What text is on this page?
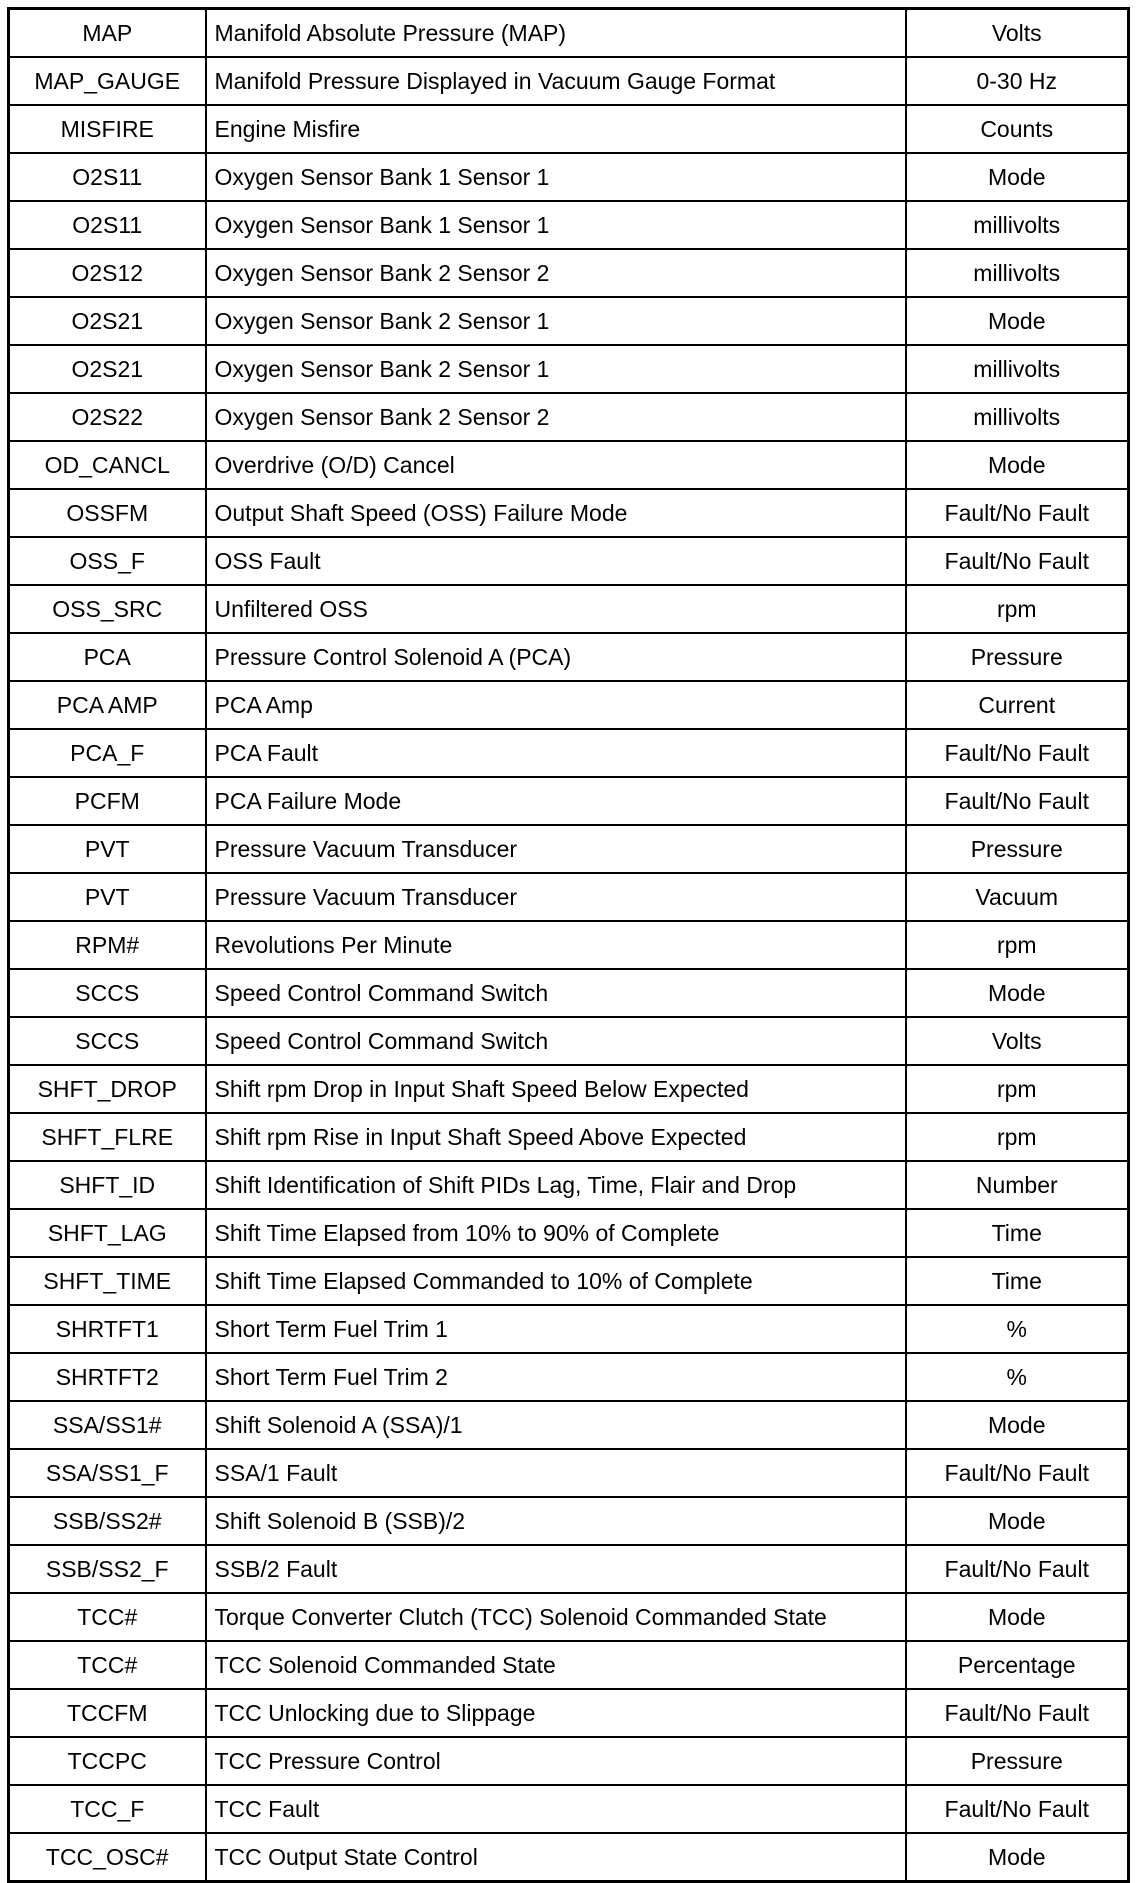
MAP	Manifold Absolute Pressure (MAP)	Volts
MAP_GAUGE	Manifold Pressure Displayed in Vacuum Gauge Format	0-30 Hz
MISFIRE	Engine Misfire	Counts
O2S11	Oxygen Sensor Bank 1 Sensor 1	Mode
O2S11	Oxygen Sensor Bank 1 Sensor 1	millivolts
O2S12	Oxygen Sensor Bank 2 Sensor 2	millivolts
O2S21	Oxygen Sensor Bank 2 Sensor 1	Mode
O2S21	Oxygen Sensor Bank 2 Sensor 1	millivolts
O2S22	Oxygen Sensor Bank 2 Sensor 2	millivolts
OD_CANCL	Overdrive (O/D) Cancel	Mode
OSSFM	Output Shaft Speed (OSS) Failure Mode	Fault/No Fault
OSS_F	OSS Fault	Fault/No Fault
OSS_SRC	Unfiltered OSS	rpm
PCA	Pressure Control Solenoid A (PCA)	Pressure
PCA AMP	PCA Amp	Current
PCA_F	PCA Fault	Fault/No Fault
PCFM	PCA Failure Mode	Fault/No Fault
PVT	Pressure Vacuum Transducer	Pressure
PVT	Pressure Vacuum Transducer	Vacuum
RPM#	Revolutions Per Minute	rpm
SCCS	Speed Control Command Switch	Mode
SCCS	Speed Control Command Switch	Volts
SHFT_DROP	Shift rpm Drop in Input Shaft Speed Below Expected	rpm
SHFT_FLRE	Shift rpm Rise in Input Shaft Speed Above Expected	rpm
SHFT_ID	Shift Identification of Shift PIDs Lag, Time, Flair and Drop	Number
SHFT_LAG	Shift Time Elapsed from 10% to 90% of Complete	Time
SHFT_TIME	Shift Time Elapsed Commanded to 10% of Complete	Time
SHRTFT1	Short Term Fuel Trim 1	%
SHRTFT2	Short Term Fuel Trim 2	%
SSA/SS1#	Shift Solenoid A (SSA)/1	Mode
SSA/SS1_F	SSA/1 Fault	Fault/No Fault
SSB/SS2#	Shift Solenoid B (SSB)/2	Mode
SSB/SS2_F	SSB/2 Fault	Fault/No Fault
TCC#	Torque Converter Clutch (TCC) Solenoid Commanded State	Mode
TCC#	TCC Solenoid Commanded State	Percentage
TCCFM	TCC Unlocking due to Slippage	Fault/No Fault
TCCPC	TCC Pressure Control	Pressure
TCC_F	TCC Fault	Fault/No Fault
TCC_OSC#	TCC Output State Control	Mode
